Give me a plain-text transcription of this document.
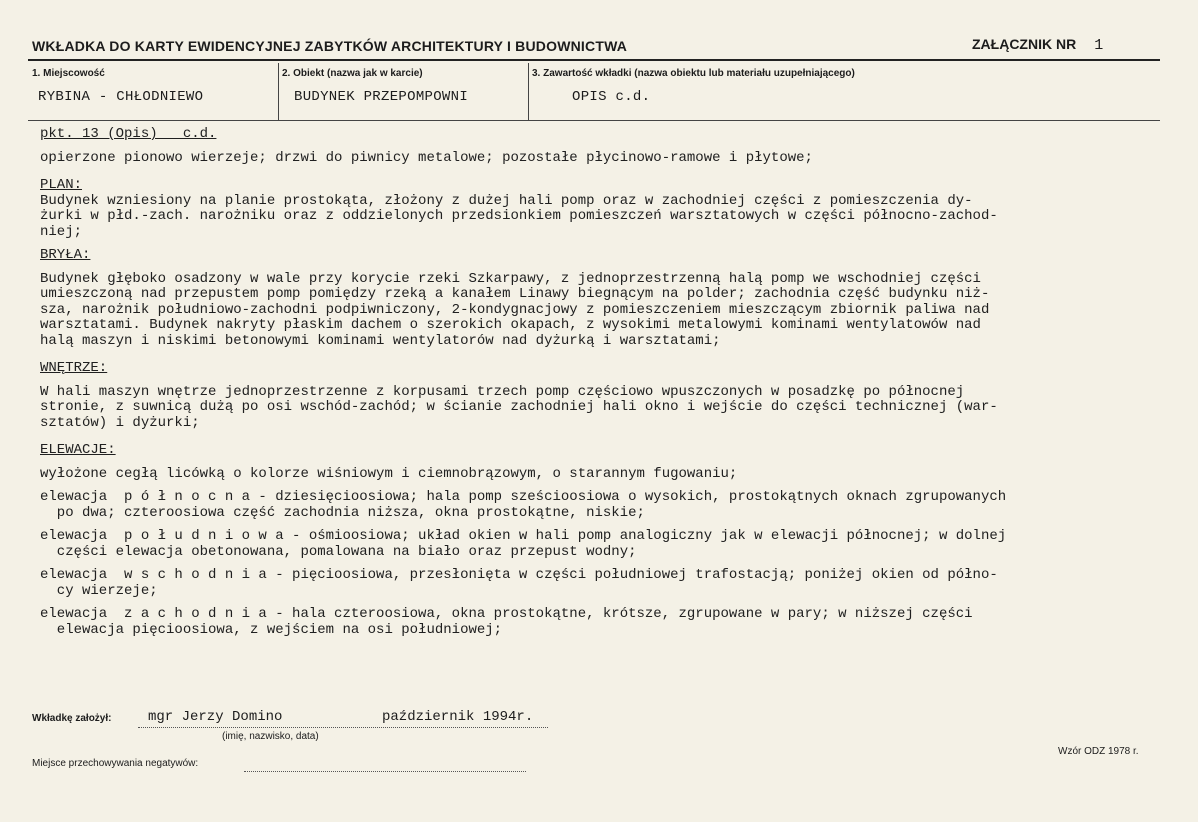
WKŁADKA DO KARTY EWIDENCYJNEJ ZABYTKÓW ARCHITEKTURY I BUDOWNICTWA	ZAŁĄCZNIK NR 1
1. Miejscowość
RYBINA - CHŁODNIEWO
2. Obiekt (nazwa jak w karcie)
BUDYNEK PRZEPOMPOWNI
3. Zawartość wkładki (nazwa obiektu lub materiału uzupełniającego)
OPIS c.d.

pkt. 13 (Opis)   c.d.

opierzone pionowo wierzeje; drzwi do piwnicy metalowe; pozostałe płycinowo-ramowe i płytowe;

PLAN:

Budynek wzniesiony na planie prostokąta, złożony z dużej hali pomp oraz w zachodniej części z pomieszczenia dy-

żurki w płd.-zach. narożniku oraz z oddzielonych przedsionkiem pomieszczeń warsztatowych w części północno-zachod-

niej;

BRYŁA:

Budynek głęboko osadzony w wale przy korycie rzeki Szkarpawy, z jednoprzestrzenną halą pomp we wschodniej części

umieszczoną nad przepustem pomp pomiędzy rzeką a kanałem Linawy biegnącym na polder; zachodnia część budynku niż-

sza, narożnik południowo-zachodni podpiwniczony, 2-kondygnacjowy z pomieszczeniem mieszczącym zbiornik paliwa nad

warsztatami. Budynek nakryty płaskim dachem o szerokich okapach, z wysokimi metalowymi kominami wentylatowów nad

halą maszyn i niskimi betonowymi kominami wentylatorów nad dyżurką i warsztatami;

WNĘTRZE:

W hali maszyn wnętrze jednoprzestrzenne z korpusami trzech pomp częściowo wpuszczonych w posadzkę po północnej

stronie, z suwnicą dużą po osi wschód-zachód; w ścianie zachodniej hali okno i wejście do części technicznej (war-

sztatów) i dyżurki;

ELEWACJE:

wyłożone cegłą licówką o kolorze wiśniowym i ciemnobrązowym, o starannym fugowaniu;

elewacja  p ó ł n o c n a - dziesięcioosiowa; hala pomp sześcioosiowa o wysokich, prostokątnych oknach zgrupowanych

po dwa; czteroosiowa część zachodnia niższa, okna prostokątne, niskie;

elewacja  p o ł u d n i o w a - ośmioosiowa; układ okien w hali pomp analogiczny jak w elewacji północnej; w dolnej

części elewacja obetonowana, pomalowana na biało oraz przepust wodny;

elewacja  w s c h o d n i a - pięcioosiowa, przesłonięta w części południowej trafostacją; poniżej okien od półno-

cy wierzeje;

elewacja  z a c h o d n i a - hala czteroosiowa, okna prostokątne, krótsze, zgrupowane w pary; w niższej części

elewacja pięcioosiowa, z wejściem na osi południowej;

Wkładkę założył:	mgr Jerzy Domino	październik 1994r.
(imię, nazwisko, data)
Miejsce przechowywania negatywów:
Wzór ODZ 1978 r.
